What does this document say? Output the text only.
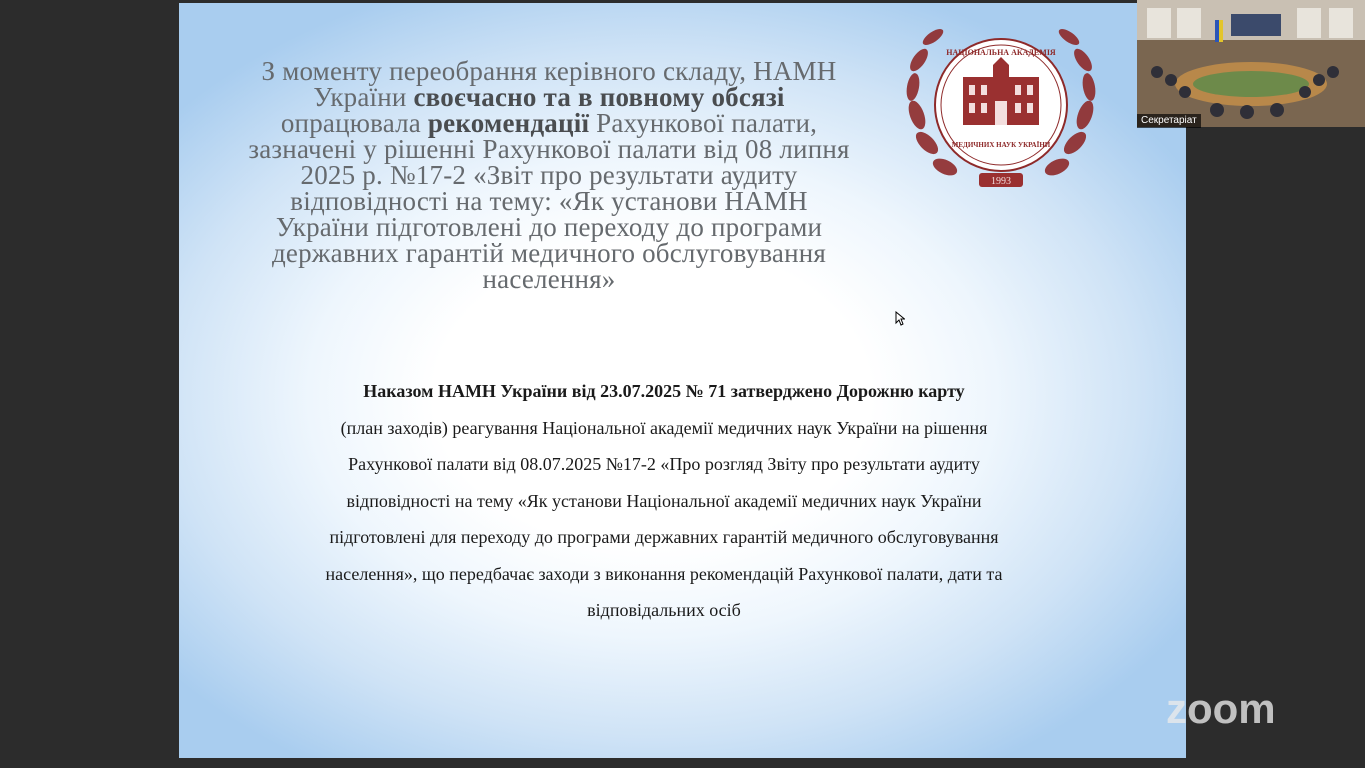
З моменту переобрання керівного складу, НАМН
України своєчасно та в повному обсязі
опрацювала рекомендації Рахункової палати,
зазначені у рішенні Рахункової палати від 08 липня
2025 р. №17-2 «Звіт про результати аудиту
відповідності на тему: «Як установи НАМН
України підготовлені до переходу до програми
державних гарантій медичного обслуговування
населення»
НАЦІОНАЛЬНА АКАДЕМІЯ
МЕДИЧНИХ НАУК УКРАЇНИ
1993
Наказом НАМН України від 23.07.2025 № 71 затверджено Дорожню карту
(план заходів) реагування Національної академії медичних наук України на рішення
Рахункової палати від 08.07.2025 №17-2 «Про розгляд Звіту про результати аудиту
відповідності на тему «Як установи Національної академії медичних наук України
підготовлені для переходу до програми державних гарантій медичного обслуговування
населення», що передбачає заходи з виконання рекомендацій Рахункової палати, дати та
відповідальних осіб
Секретаріат
zoom
